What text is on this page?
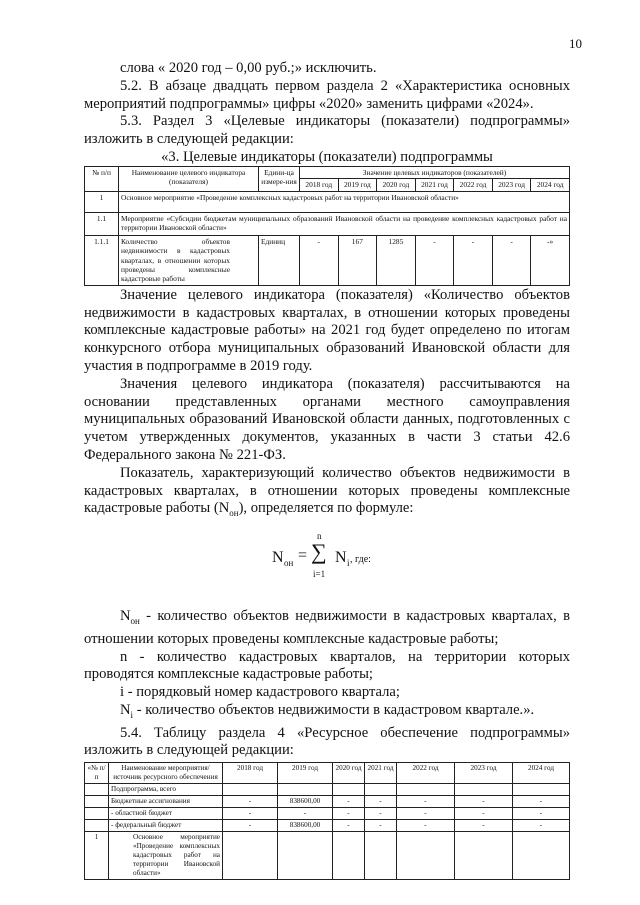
10

слова « 2020 год – 0,00 руб.;» исключить.

5.2. В абзаце двадцать первом раздела 2 «Характеристика основных мероприятий подпрограммы» цифры «2020» заменить цифрами «2024».

5.3. Раздел 3 «Целевые индикаторы (показатели) подпрограммы» изложить в следующей редакции:

«3. Целевые индикаторы (показатели) подпрограммы
№ п/п	Наименование целевого индикатора (показателя)	Едини-ца измере-ния	Значение целевых индикаторов (показателей)						
			2018 год	2019 год	2020 год	2021 год	2022 год	2023 год	2024 год
1	Основное мероприятие «Проведение комплексных кадастровых работ на территории Ивановской области»								
1.1	Мероприятие «Субсидии бюджетам муниципальных образований Ивановской области на проведение комплексных кадастровых работ на территории Ивановской области»								
1.1.1	Количество объектов недвижимости в кадастровых кварталах, в отношении которых проведены комплексные кадастровые работы	Единиц	-	167	1285	-	-	-	-»

Значение целевого индикатора (показателя) «Количество объектов недвижимости в кадастровых кварталах, в отношении которых проведены комплексные кадастровые работы» на 2021 год будет определено по итогам конкурсного отбора муниципальных образований Ивановской области для участия в подпрограмме в 2019 году.

Значения целевого индикатора (показателя) рассчитываются на основании представленных органами местного самоуправления муниципальных образований Ивановской области данных, подготовленных с учетом утвержденных документов, указанных в части 3 статьи 42.6 Федерального закона № 221-ФЗ.

Показатель, характеризующий количество объектов недвижимости в кадастровых кварталах, в отношении которых проведены комплексные кадастровые работы $(N_{он})$, определяется по формуле:

N он =
n
∑
i=1
N i , где:

$N_{он}$ - количество объектов недвижимости в кадастровых кварталах, в отношении которых проведены комплексные кадастровые работы;

n - количество кадастровых кварталов, на территории которых проводятся комплексные кадастровые работы;

i - порядковый номер кадастрового квартала;

$N_i$ - количество объектов недвижимости в кадастровом квартале.».

5.4. Таблицу раздела 4 «Ресурсное обеспечение подпрограммы» изложить в следующей редакции:

«№ п/п	Наименование мероприятия/источник ресурсного обеспечения	2018 год	2019 год	2020 год	2021 год	2022 год	2023 год	2024 год
	Подпрограмма, всего							
	Бюджетные ассигнования	-	838600,00	-	-	-	-	-
	- областной бюджет	-	-	-	-	-	-	-
	- федеральный бюджет	-	838600,00	-	-	-	-	-
1	Основное мероприятие «Проведение комплексных кадастровых работ на территории Ивановской области»							
